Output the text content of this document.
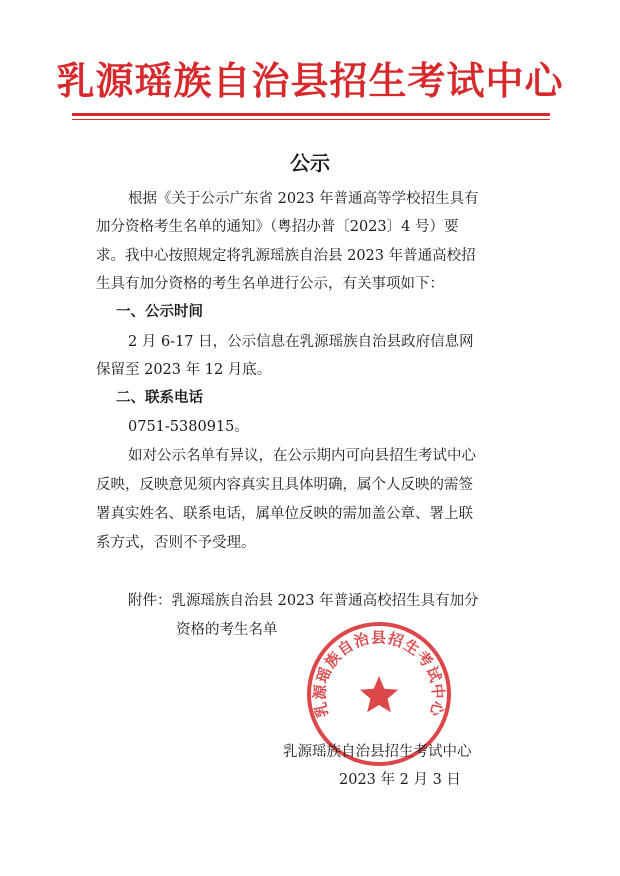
乳源瑶族自治县招生考试中心
公示
根据《关于公示广东省 2023 年普通高等学校招生具有
加分资格考生名单的通知》（粤招办普〔2023〕4 号）要
求。我中心按照规定将乳源瑶族自治县 2023 年普通高校招
生具有加分资格的考生名单进行公示，有关事项如下：
一、公示时间
2 月 6-17 日，公示信息在乳源瑶族自治县政府信息网
保留至 2023 年 12 月底。
二、联系电话
0751-5380915。
如对公示名单有异议，在公示期内可向县招生考试中心
反映，反映意见须内容真实且具体明确，属个人反映的需签
署真实姓名、联系电话，属单位反映的需加盖公章、署上联
系方式，否则不予受理。
附件：乳源瑶族自治县 2023 年普通高校招生具有加分
资格的考生名单
乳源瑶族自治县招生考试中心
乳源瑶族自治县招生考试中心
2023 年 2 月 3 日
